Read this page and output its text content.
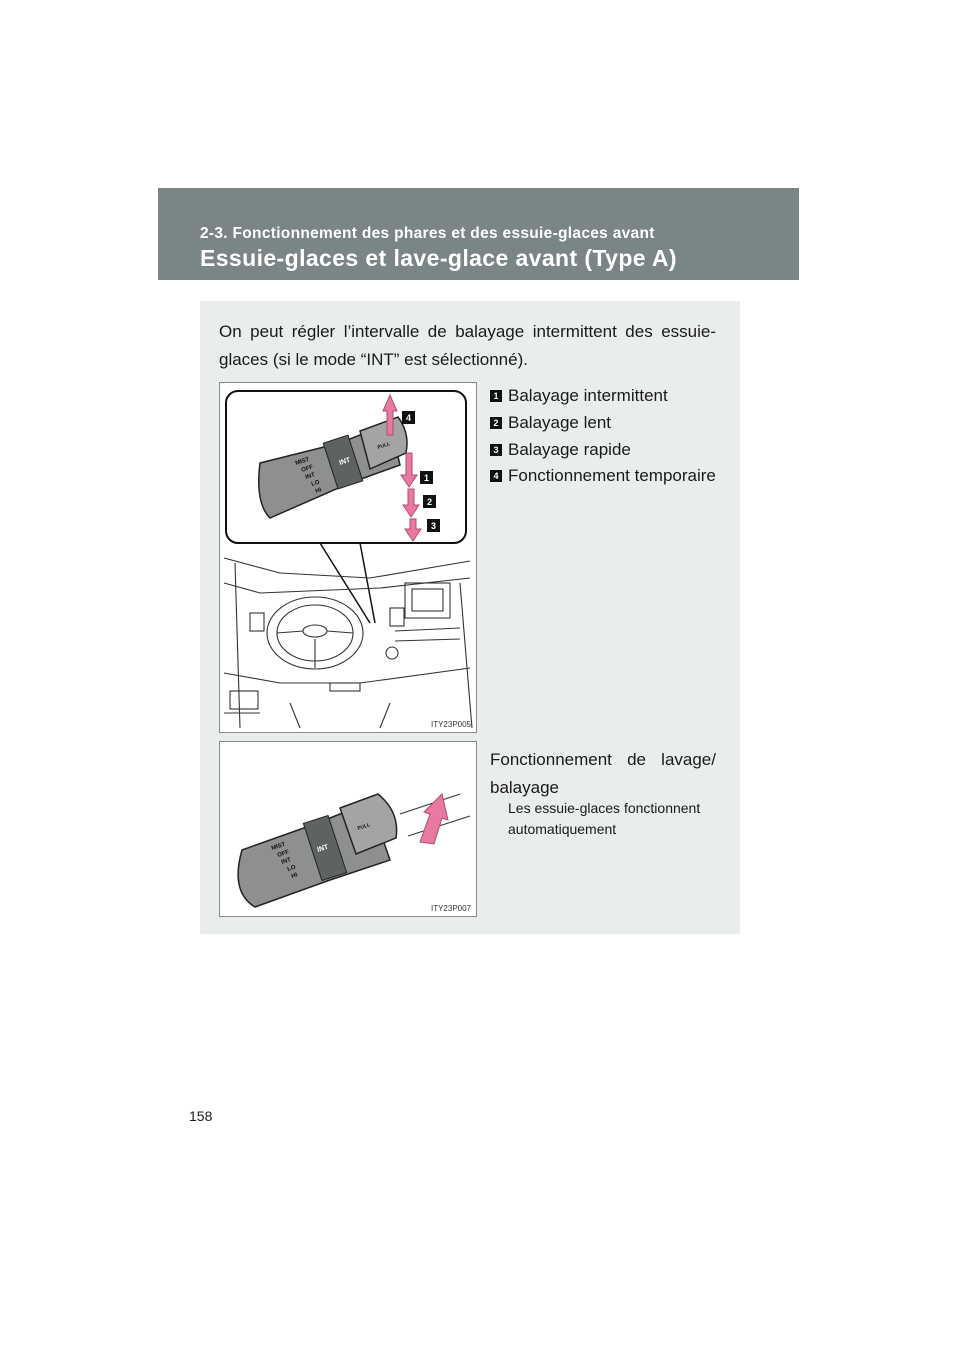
2-3. Fonctionnement des phares et des essuie-glaces avant
Essuie-glaces et lave-glace avant (Type A)
On peut régler l’intervalle de balayage intermittent des essuie-glaces (si le mode “INT” est sélectionné).
MIST
OFF
INT
LO
HI
INT
PULL
4
1
2
3
ITY23P005
1 Balayage intermittent
2 Balayage lent
3 Balayage rapide
4 Fonctionnement temporaire
MIST
OFF
INT
LO
HI
INT
PULL
ITY23P007
Fonctionnement de lavage/ balayage
Les essuie-glaces fonctionnent automatiquement
158
